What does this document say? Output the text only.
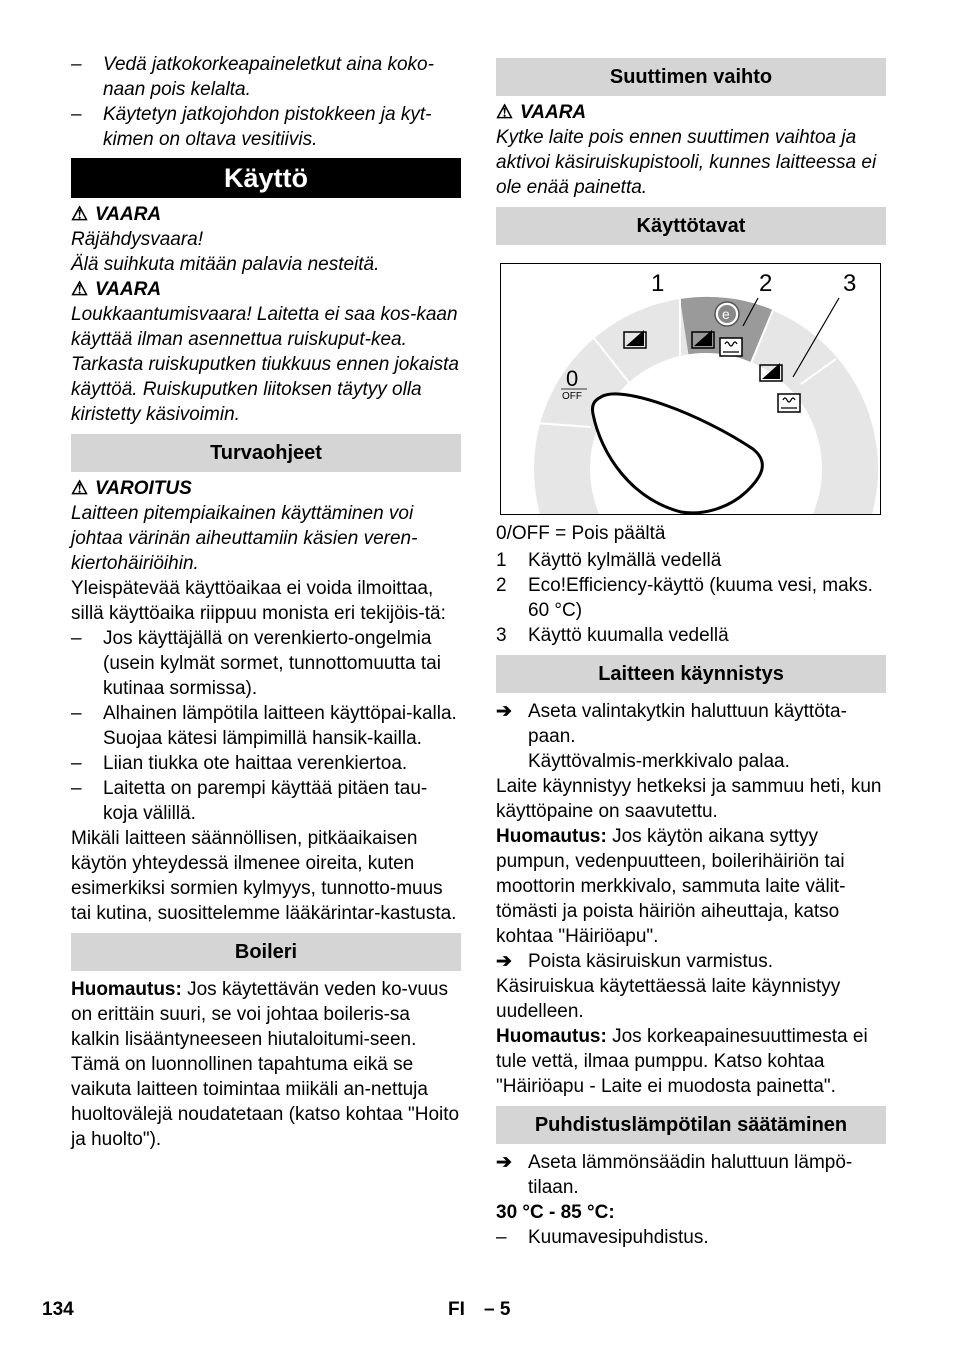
– Vedä jatkokorkeapaineletkut aina koko-naan pois kelalta.

– Käytetyn jatkojohdon pistokkeen ja kyt-kimen on oltava vesitiivis.

Käyttö

⚠ VAARA

Räjähdysvaara!

Älä suihkuta mitään palavia nesteitä.

⚠ VAARA

Loukkaantumisvaara! Laitetta ei saa kos-kaan käyttää ilman asennettua ruiskuput-kea. Tarkasta ruiskuputken tiukkuus ennen jokaista käyttöä. Ruiskuputken liitoksen täytyy olla kiristetty käsivoimin.

Turvaohjeet

⚠ VAROITUS

Laitteen pitempiaikainen käyttäminen voi johtaa värinän aiheuttamiin käsien veren-kiertohäiriöihin.

Yleispätevää käyttöaikaa ei voida ilmoittaa, sillä käyttöaika riippuu monista eri tekijöis-tä:

– Jos käyttäjällä on verenkierto-ongelmia (usein kylmät sormet, tunnottomuutta tai kutinaa sormissa).

– Alhainen lämpötila laitteen käyttöpai-kalla. Suojaa kätesi lämpimillä hansik-kailla.

– Liian tiukka ote haittaa verenkiertoa.

– Laitetta on parempi käyttää pitäen tau-koja välillä.

Mikäli laitteen säännöllisen, pitkäaikaisen käytön yhteydessä ilmenee oireita, kuten esimerkiksi sormien kylmyys, tunnotto-muus tai kutina, suosittelemme lääkärintar-kastusta.

Boileri

Huomautus: Jos käytettävän veden ko-vuus on erittäin suuri, se voi johtaa boileris-sa kalkin lisääntyneeseen hiutaloitumi-seen. Tämä on luonnollinen tapahtuma eikä se vaikuta laitteen toimintaa miikäli an-nettuja huoltovälejä noudatetaan (katso kohtaa "Hoito ja huolto").

Suuttimen vaihto

⚠ VAARA

Kytke laite pois ennen suuttimen vaihtoa ja aktivoi käsiruiskupistooli, kunnes laitteessa ei ole enää painetta.

Käyttötavat
1	2	3
0
OFF
e

0/OFF = Pois päältä

1 Käyttö kylmällä vedellä

2 Eco!Efficiency-käyttö (kuuma vesi, maks. 60 °C)

3 Käyttö kuumalla vedellä

Laitteen käynnistys

➔ Aseta valintakytkin haluttuun käyttöta-paan.

Käyttövalmis-merkkivalo palaa.

Laite käynnistyy hetkeksi ja sammuu heti, kun käyttöpaine on saavutettu.

Huomautus: Jos käytön aikana syttyy pumpun, vedenpuutteen, boilerihäiriön tai moottorin merkkivalo, sammuta laite välit-tömästi ja poista häiriön aiheuttaja, katso kohtaa "Häiriöapu".

➔ Poista käsiruiskun varmistus.

Käsiruiskua käytettäessä laite käynnistyy uudelleen.

Huomautus: Jos korkeapainesuuttimesta ei tule vettä, ilmaa pumppu. Katso kohtaa "Häiriöapu - Laite ei muodosta painetta".

Puhdistuslämpötilan säätäminen

➔ Aseta lämmönsäädin haluttuun lämpö-tilaan.

30 °C - 85 °C:

– Kuumavesipuhdistus.

134	FI – 5
